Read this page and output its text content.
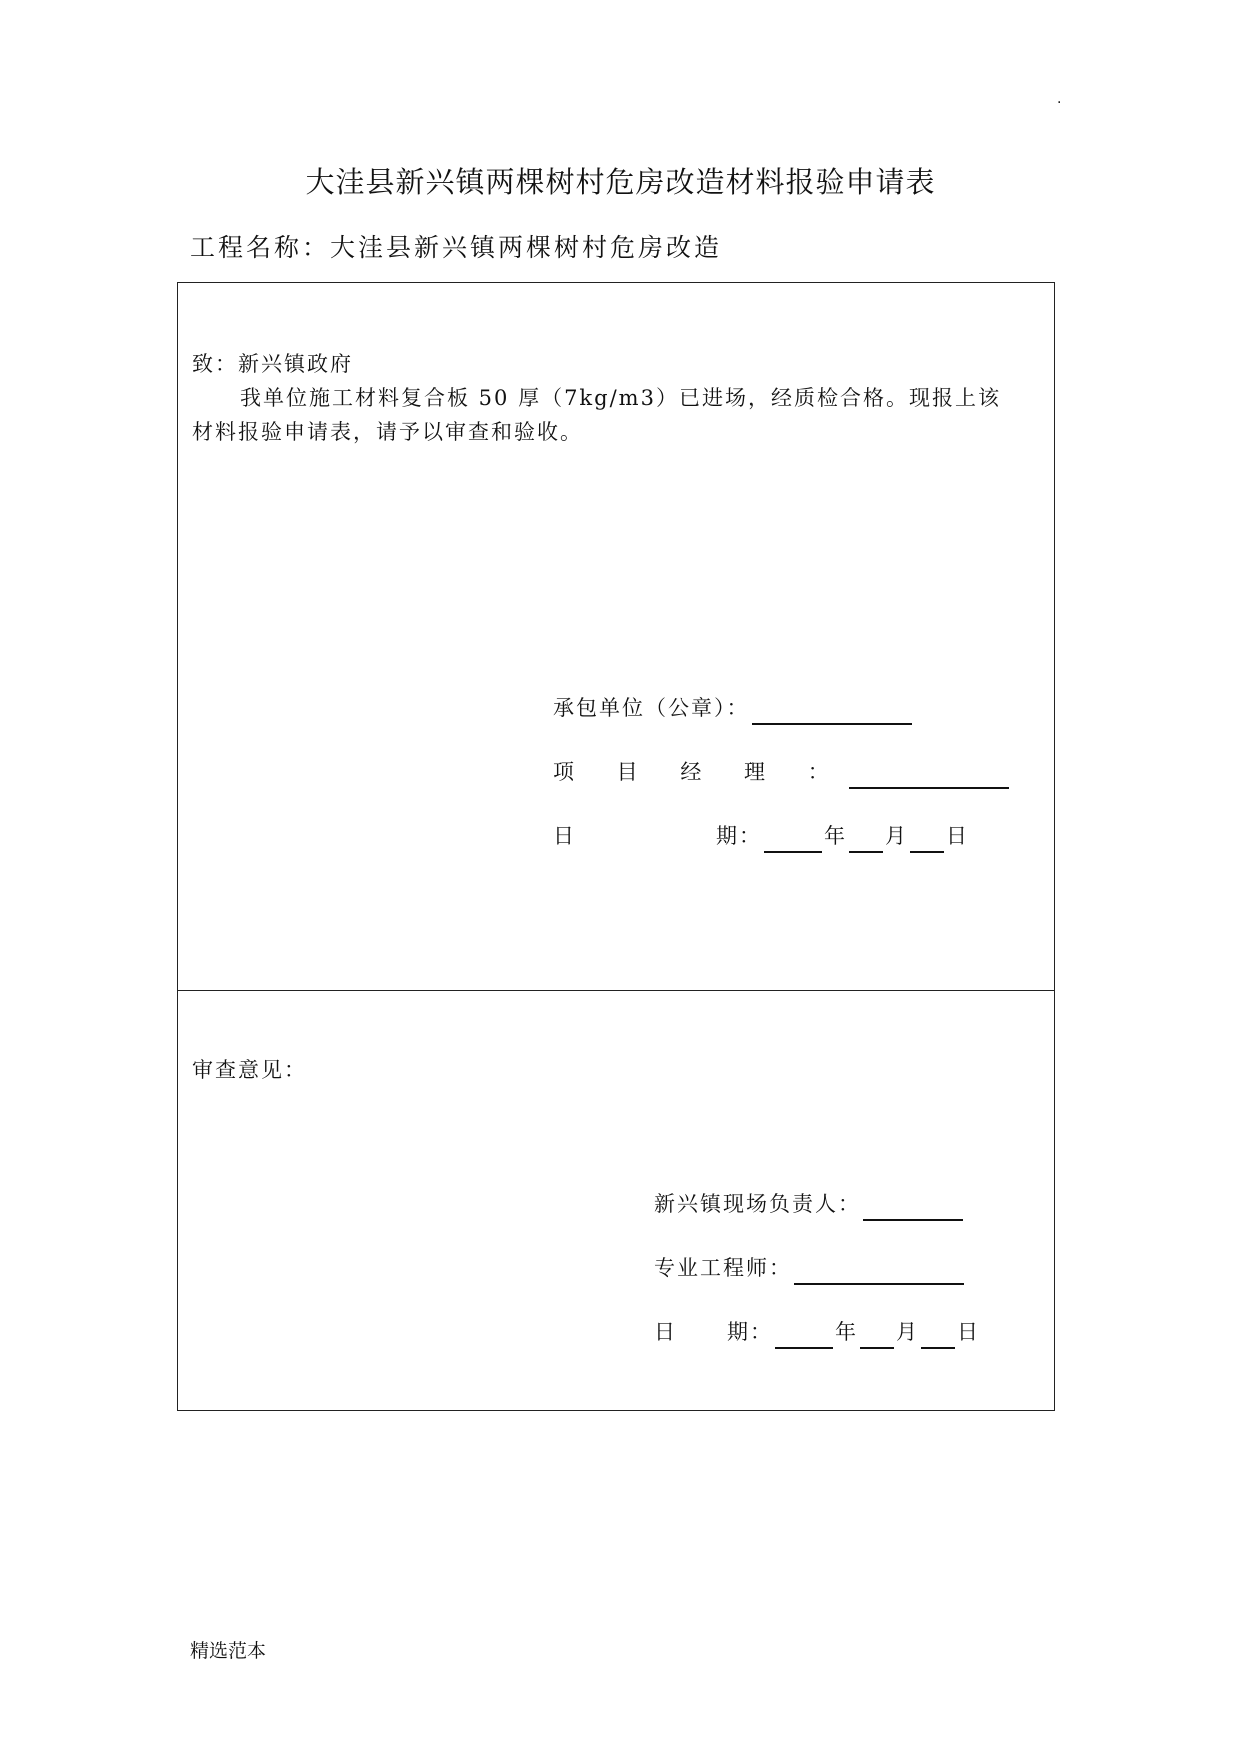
·
大洼县新兴镇两棵树村危房改造材料报验申请表
工程名称：大洼县新兴镇两棵树村危房改造
致：新兴镇政府
我单位施工材料复合板 50 厚（7kg/m3）已进场，经质检合格。现报上该
材料报验申请表，请予以审查和验收。
承包单位（公章）：
项 目 经 理 ：
日	期：	年 月 日
审查意见：
新兴镇现场负责人：
专业工程师：
日 期：	年 月 日
精选范本
